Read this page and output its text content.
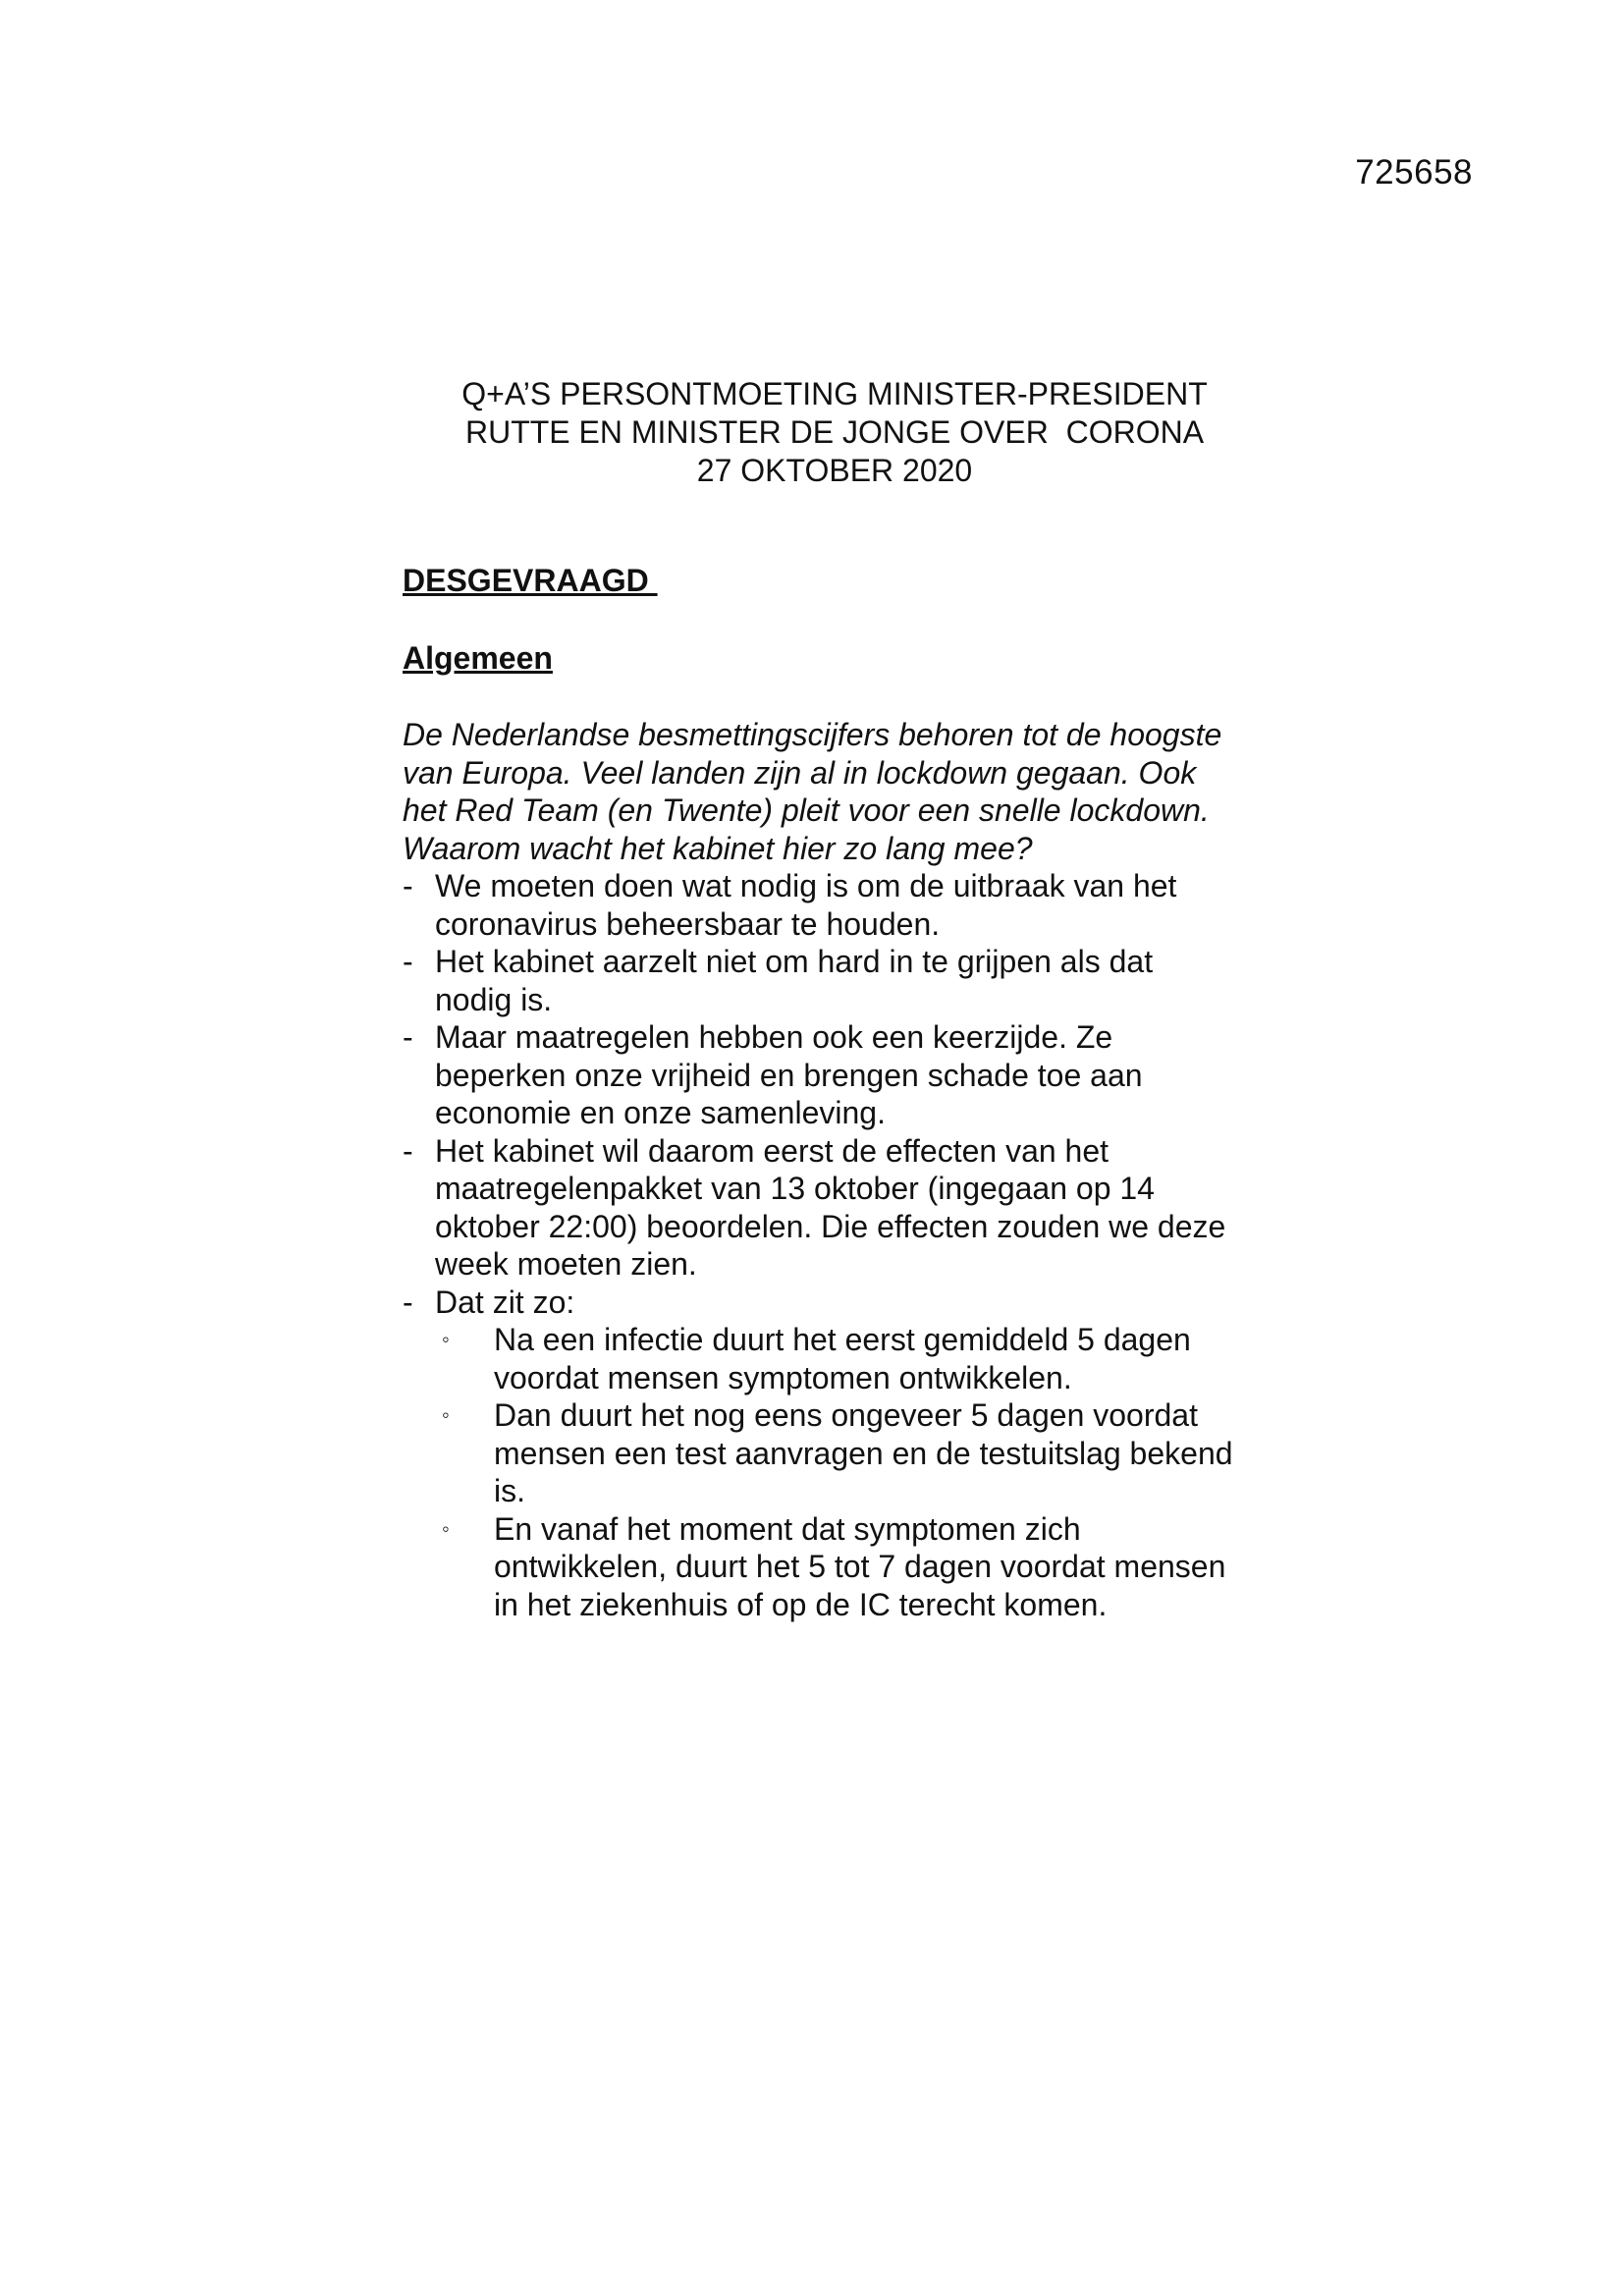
725658
Q+A’S PERSONTMOETING MINISTER-PRESIDENT
RUTTE EN MINISTER DE JONGE OVER  CORONA
27 OKTOBER 2020

DESGEVRAAGD

Algemeen

De Nederlandse besmettingscijfers behoren tot de hoogste van Europa. Veel landen zijn al in lockdown gegaan. Ook het Red Team (en Twente) pleit voor een snelle lockdown. Waarom wacht het kabinet hier zo lang mee?

- We moeten doen wat nodig is om de uitbraak van het coronavirus beheersbaar te houden.
- Het kabinet aarzelt niet om hard in te grijpen als dat nodig is.
- Maar maatregelen hebben ook een keerzijde. Ze beperken onze vrijheid en brengen schade toe aan economie en onze samenleving.
- Het kabinet wil daarom eerst de effecten van het maatregelenpakket van 13 oktober (ingegaan op 14 oktober 22:00) beoordelen. Die effecten zouden we deze week moeten zien.
- Dat zit zo:
◦ Na een infectie duurt het eerst gemiddeld 5 dagen voordat mensen symptomen ontwikkelen.
◦ Dan duurt het nog eens ongeveer 5 dagen voordat mensen een test aanvragen en de testuitslag bekend is.
◦ En vanaf het moment dat symptomen zich ontwikkelen, duurt het 5 tot 7 dagen voordat mensen in het ziekenhuis of op de IC terecht komen.
